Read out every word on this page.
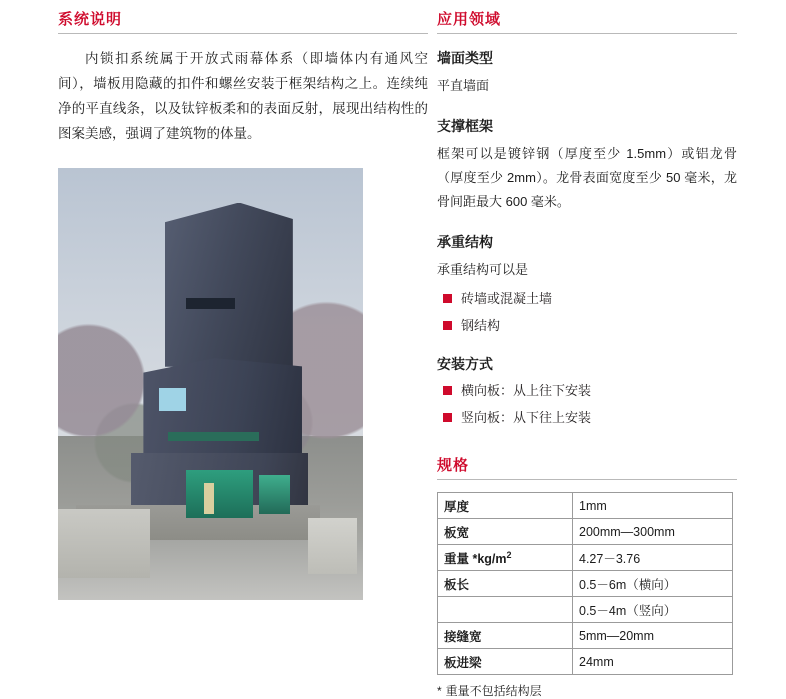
系统说明

内锁扣系统属于开放式雨幕体系（即墙体内有通风空间），墙板用隐藏的扣件和螺丝安装于框架结构之上。连续纯净的平直线条，以及钛锌板柔和的表面反射，展现出结构性的图案美感，强调了建筑物的体量。

应用领域
墙面类型

平直墙面

支撑框架

框架可以是镀锌钢（厚度至少 1.5mm）或铝龙骨（厚度至少 2mm）。龙骨表面宽度至少 50 毫米，龙骨间距最大 600 毫米。

承重结构

承重结构可以是

砖墙或混凝土墙
钢结构
安装方式
横向板：从上往下安装
竖向板：从下往上安装
规格
厚度	1mm
板宽	200mm—300mm
重量 $*kg/m^2$	4.27－3.76
板长	0.5－6m（横向）
	0.5－4m（竖向）
接缝宽	5mm—20mm
板进梁	24mm
* 重量不包括结构层
